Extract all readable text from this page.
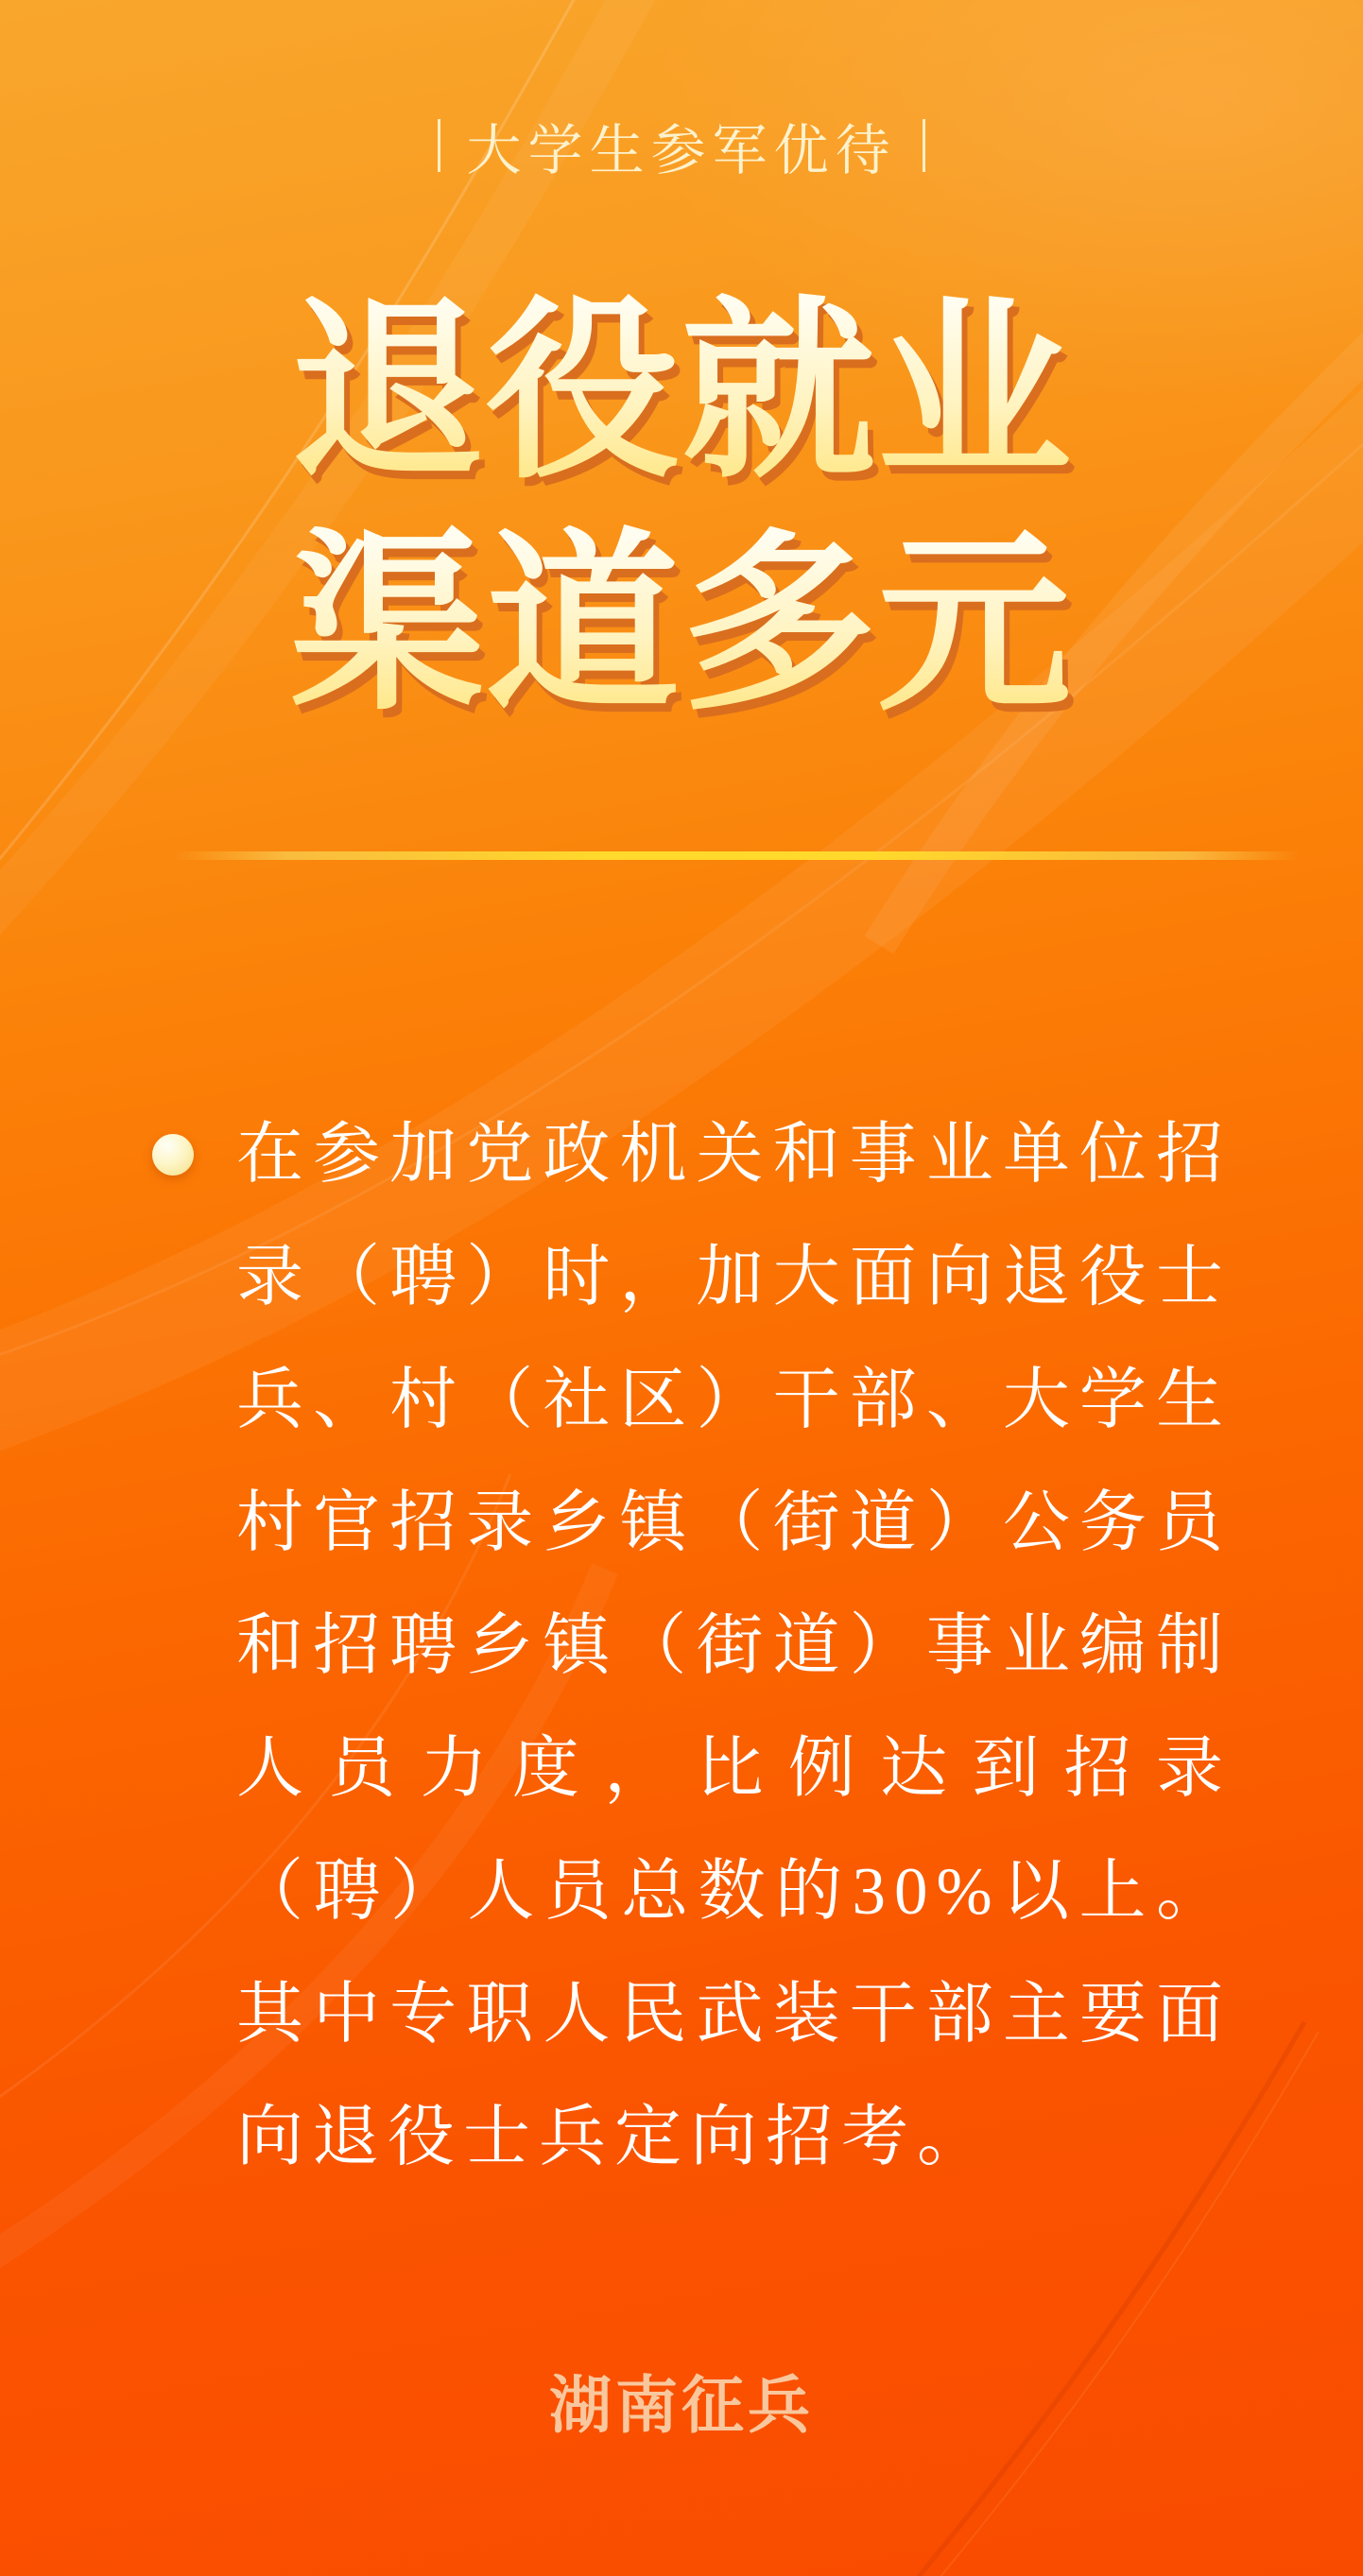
大学生参军优待
退役就业
渠道多元
在参加党政机关和事业单位招
录（聘）时，加大面向退役士
兵、村（社区）干部、大学生
村官招录乡镇（街道）公务员
和招聘乡镇（街道）事业编制
人员力度，比例达到招录
（聘）人员总数的30%以上。
其中专职人民武装干部主要面
向退役士兵定向招考。
湖南征兵
